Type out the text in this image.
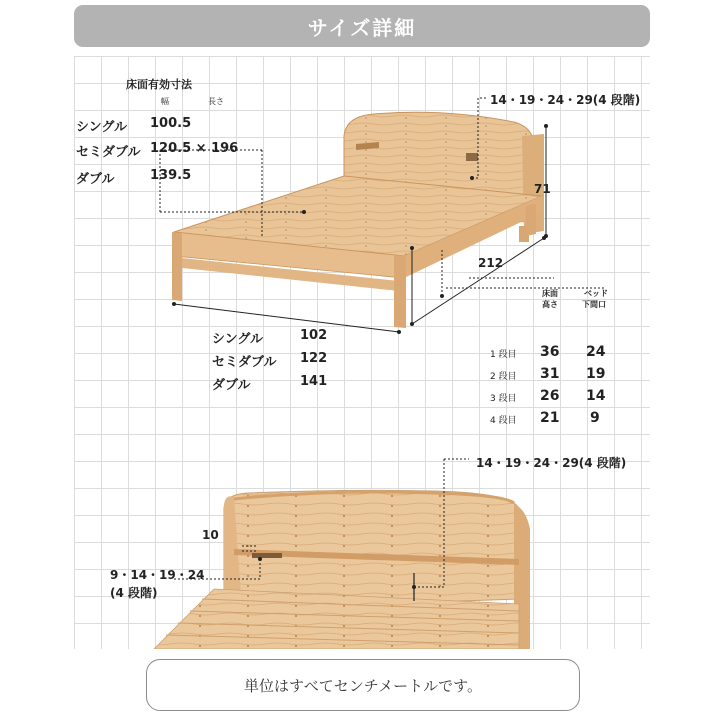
サイズ詳細
床面有効寸法
幅	長さ
シングル 100.5
セミダブル 120.5 × 196
ダブル	139.5
14・19・24・29(4 段階)
71
212
シングル	102
セミダブル 122
ダブル	141
床面
高さ
ベッド
下間口
1 段目 36 24
2 段目 31 19
3 段目 26 14
4 段目 21 9
14・19・24・29(4 段階)
10
9・14・19・24
(4 段階)
単位はすべてセンチメートルです。
